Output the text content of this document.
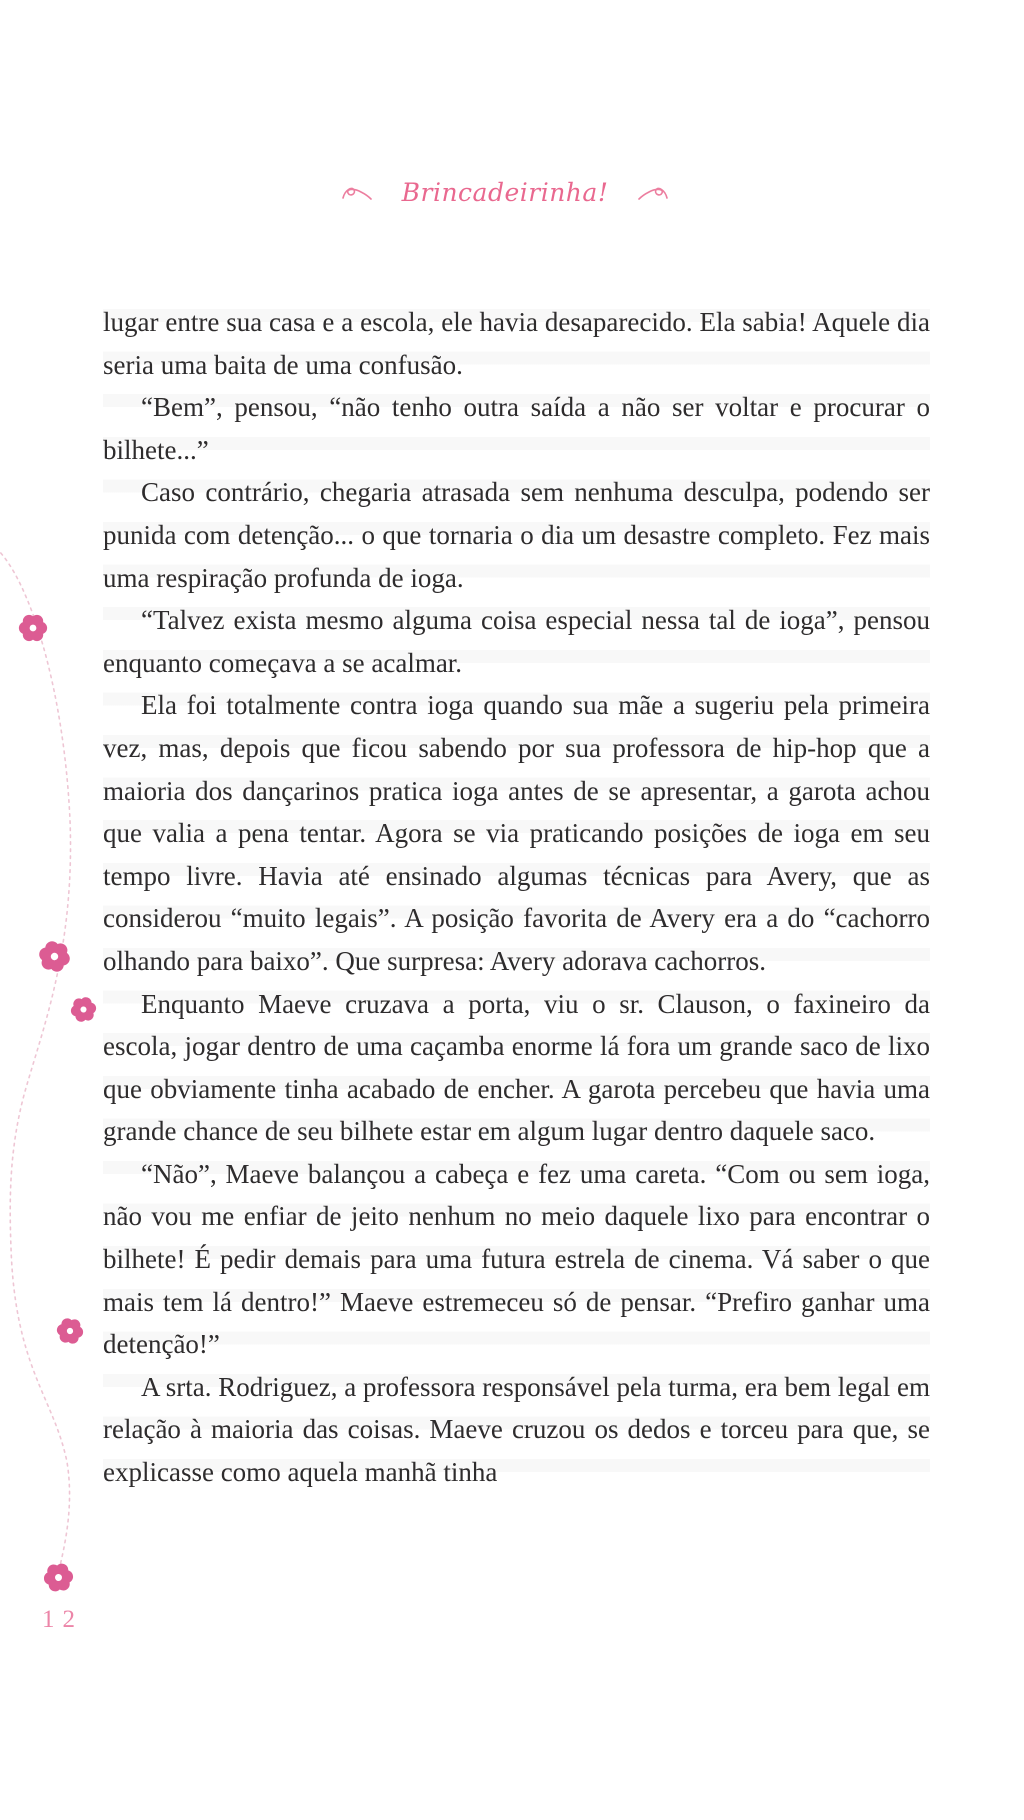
Brincadeirinha!

lugar entre sua casa e a escola, ele havia desaparecido. Ela sabia! Aquele dia seria uma baita de uma confusão.

“Bem”, pensou, “não tenho outra saída a não ser voltar e procurar o bilhete...”

Caso contrário, chegaria atrasada sem nenhuma desculpa, podendo ser punida com detenção... o que tornaria o dia um desastre completo. Fez mais uma respiração profunda de ioga.

“Talvez exista mesmo alguma coisa especial nessa tal de ioga”, pensou enquanto começava a se acalmar.

Ela foi totalmente contra ioga quando sua mãe a sugeriu pela primeira vez, mas, depois que ficou sabendo por sua professora de hip-hop que a maioria dos dançarinos pratica ioga antes de se apresentar, a garota achou que valia a pena tentar. Agora se via praticando posições de ioga em seu tempo livre. Havia até ensinado algumas técnicas para Avery, que as considerou “muito legais”. A posição favorita de Avery era a do “cachorro olhando para baixo”. Que surpresa: Avery adorava cachorros.

Enquanto Maeve cruzava a porta, viu o sr. Clauson, o faxineiro da escola, jogar dentro de uma caçamba enorme lá fora um grande saco de lixo que obviamente tinha acabado de encher. A garota percebeu que havia uma grande chance de seu bilhete estar em algum lugar dentro daquele saco.

“Não”, Maeve balançou a cabeça e fez uma careta. “Com ou sem ioga, não vou me enfiar de jeito nenhum no meio daquele lixo para encontrar o bilhete! É pedir demais para uma futura estrela de cinema. Vá saber o que mais tem lá dentro!” Maeve estremeceu só de pensar. “Prefiro ganhar uma detenção!”

A srta. Rodriguez, a professora responsável pela turma, era bem legal em relação à maioria das coisas. Maeve cruzou os dedos e torceu para que, se explicasse como aquela manhã tinha

12
